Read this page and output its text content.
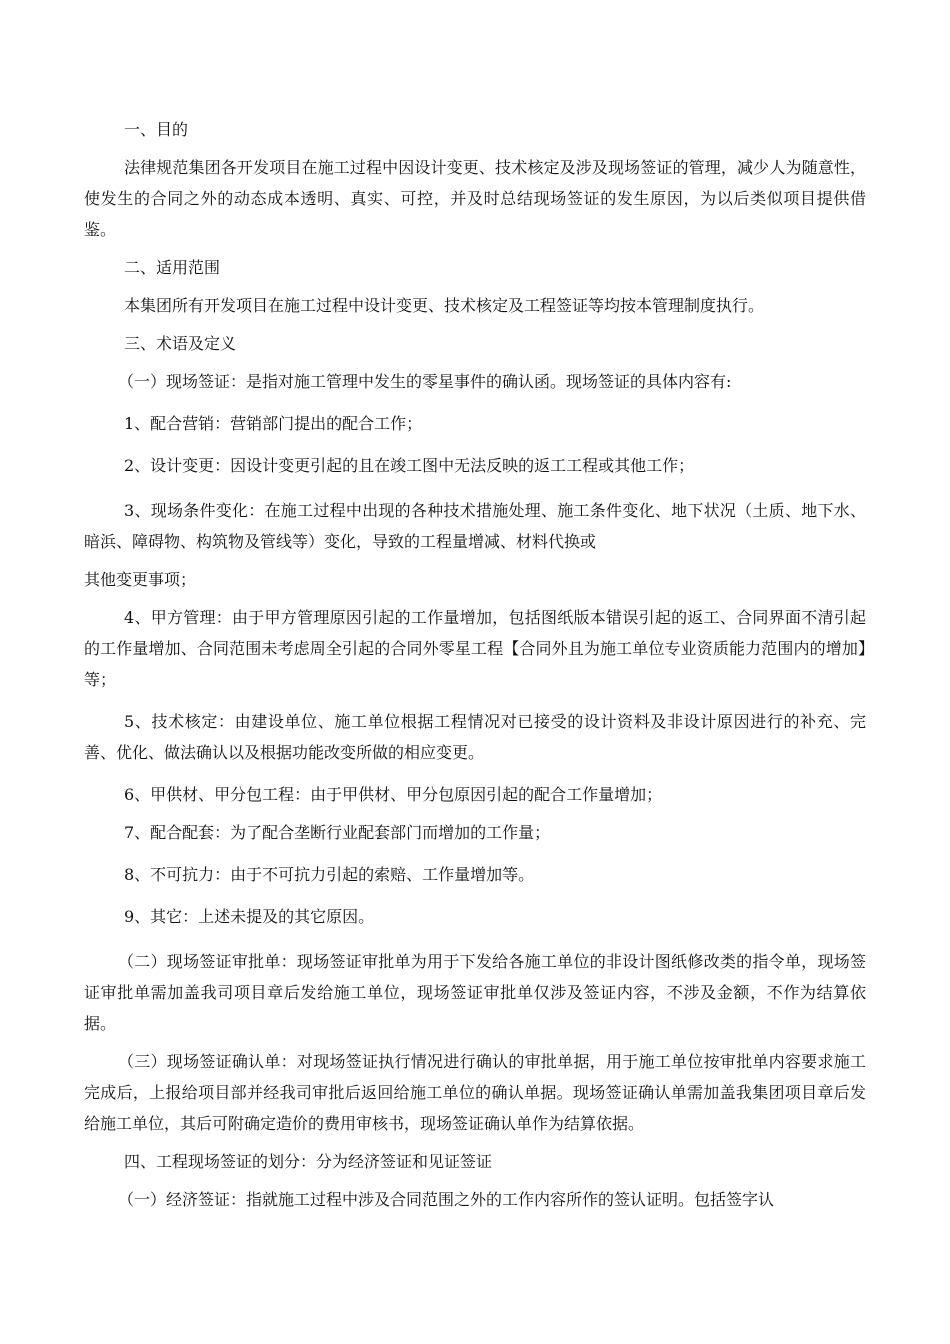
一、目的

法律规范集团各开发项目在施工过程中因设计变更、技术核定及涉及现场签证的管理，减少人为随意性，使发生的合同之外的动态成本透明、真实、可控，并及时总结现场签证的发生原因，为以后类似项目提供借鉴。

二、适用范围

本集团所有开发项目在施工过程中设计变更、技术核定及工程签证等均按本管理制度执行。

三、术语及定义

（一）现场签证：是指对施工管理中发生的零星事件的确认函。现场签证的具体内容有:

1、配合营销：营销部门提出的配合工作；

2、设计变更：因设计变更引起的且在竣工图中无法反映的返工工程或其他工作；

3、现场条件变化：在施工过程中出现的各种技术措施处理、施工条件变化、地下状况（土质、地下水、暗浜、障碍物、构筑物及管线等）变化，导致的工程量增减、材料代换或

其他变更事项；

4、甲方管理：由于甲方管理原因引起的工作量增加，包括图纸版本错误引起的返工、合同界面不清引起的工作量增加、合同范围未考虑周全引起的合同外零星工程【合同外且为施工单位专业资质能力范围内的增加】等；

5、技术核定：由建设单位、施工单位根据工程情况对已接受的设计资料及非设计原因进行的补充、完善、优化、做法确认以及根据功能改变所做的相应变更。

6、甲供材、甲分包工程：由于甲供材、甲分包原因引起的配合工作量增加；

7、配合配套：为了配合垄断行业配套部门而增加的工作量；

8、不可抗力：由于不可抗力引起的索赔、工作量增加等。

9、其它：上述未提及的其它原因。

（二）现场签证审批单：现场签证审批单为用于下发给各施工单位的非设计图纸修改类的指令单，现场签证审批单需加盖我司项目章后发给施工单位，现场签证审批单仅涉及签证内容，不涉及金额，不作为结算依据。

（三）现场签证确认单：对现场签证执行情况进行确认的审批单据，用于施工单位按审批单内容要求施工完成后，上报给项目部并经我司审批后返回给施工单位的确认单据。现场签证确认单需加盖我集团项目章后发给施工单位，其后可附确定造价的费用审核书，现场签证确认单作为结算依据。

四、工程现场签证的划分：分为经济签证和见证签证

（一）经济签证：指就施工过程中涉及合同范围之外的工作内容所作的签认证明。包括签字认
